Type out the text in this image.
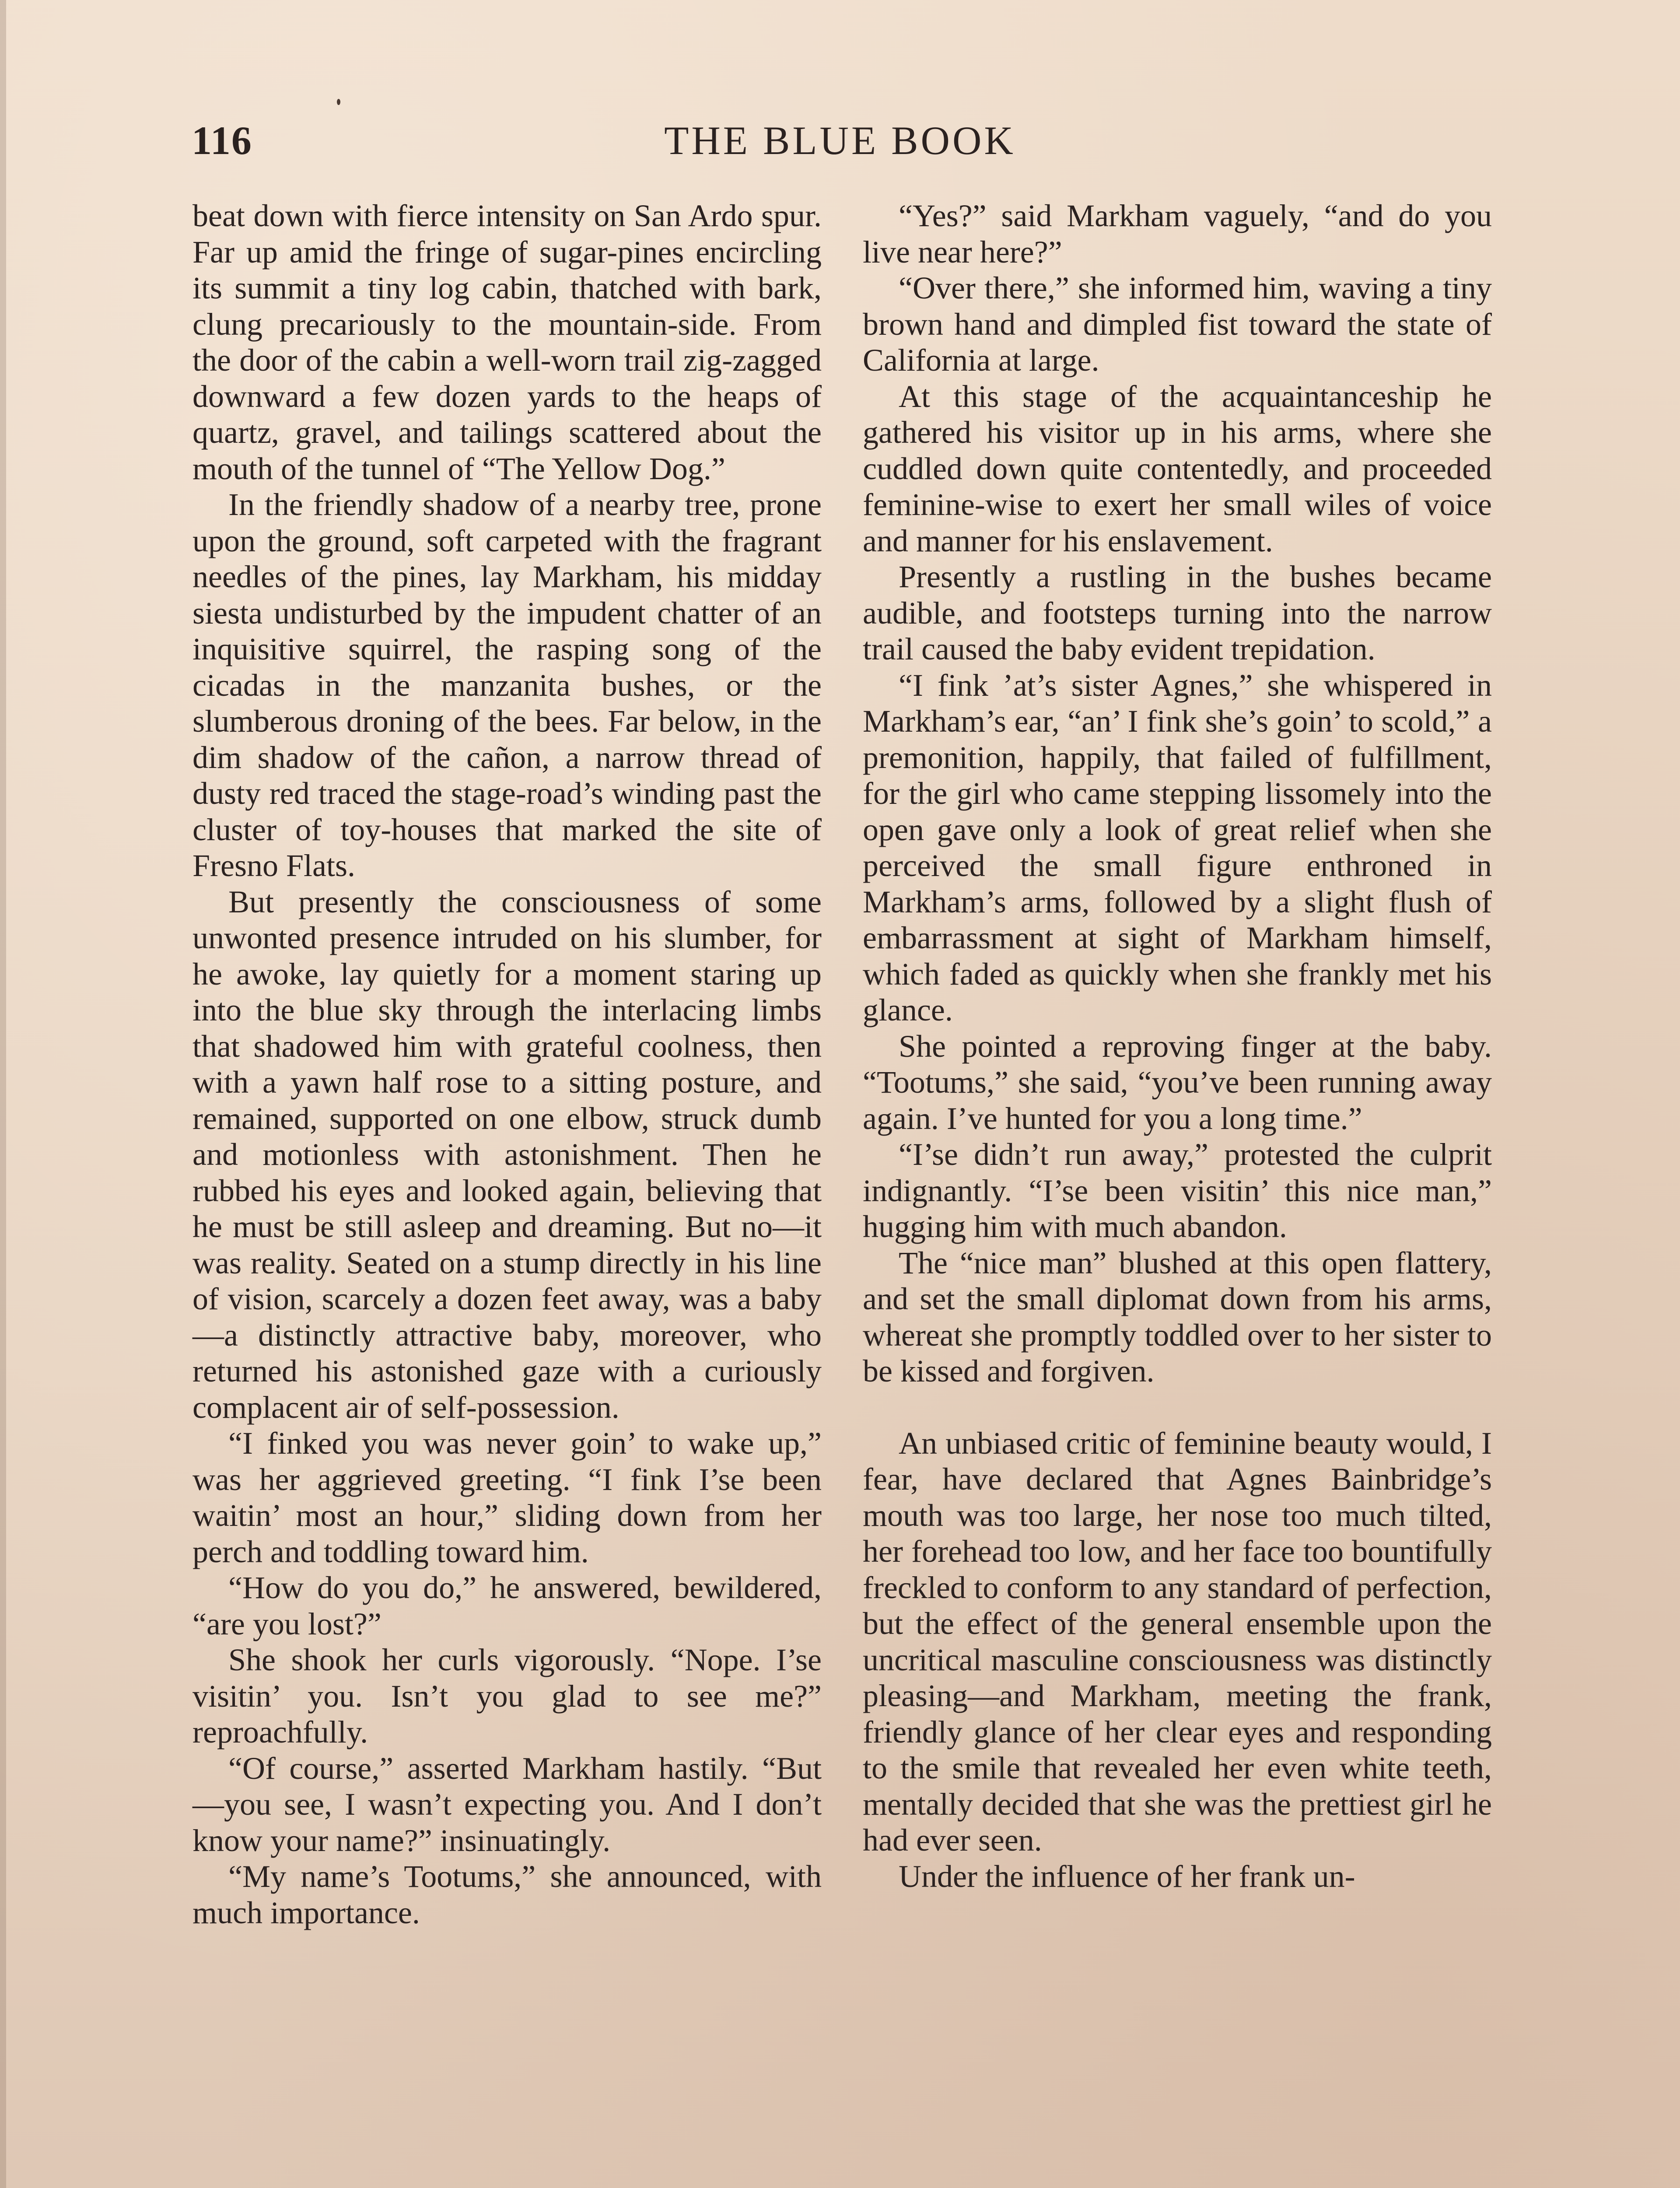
116	THE BLUE BOOK

beat down with fierce intensity on San Ardo spur. Far up amid the fringe of sugar-pines encircling its summit a tiny log cabin, thatched with bark, clung precariously to the mountain-side. From the door of the cabin a well-worn trail zig-zagged downward a few dozen yards to the heaps of quartz, gravel, and tailings scattered about the mouth of the tunnel of “The Yellow Dog.”

In the friendly shadow of a nearby tree, prone upon the ground, soft carpeted with the fragrant needles of the pines, lay Markham, his midday siesta undisturbed by the impudent chatter of an inquisitive squirrel, the rasping song of the cicadas in the manzanita bushes, or the slumberous droning of the bees. Far below, in the dim shadow of the cañon, a narrow thread of dusty red traced the stage-road’s winding past the cluster of toy-houses that marked the site of Fresno Flats.

But presently the consciousness of some unwonted presence intruded on his slumber, for he awoke, lay quietly for a moment staring up into the blue sky through the interlacing limbs that shadowed him with grateful coolness, then with a yawn half rose to a sitting posture, and remained, supported on one elbow, struck dumb and motionless with astonishment. Then he rubbed his eyes and looked again, believing that he must be still asleep and dreaming. But no—it was reality. Seated on a stump directly in his line of vision, scarcely a dozen feet away, was a baby —a distinctly attractive baby, moreover, who returned his astonished gaze with a curiously complacent air of self-possession.

“I finked you was never goin’ to wake up,” was her aggrieved greeting. “I fink I’se been waitin’ most an hour,” sliding down from her perch and toddling toward him.

“How do you do,” he answered, bewildered, “are you lost?”

She shook her curls vigorously. “Nope. I’se visitin’ you. Isn’t you glad to see me?” reproachfully.

“Of course,” asserted Markham hastily. “But—you see, I wasn’t expecting you. And I don’t know your name?” insinuatingly.

“My name’s Tootums,” she announced, with much importance.

“Yes?” said Markham vaguely, “and do you live near here?”

“Over there,” she informed him, waving a tiny brown hand and dimpled fist toward the state of California at large.

At this stage of the acquaintanceship he gathered his visitor up in his arms, where she cuddled down quite contentedly, and proceeded feminine-wise to exert her small wiles of voice and manner for his enslavement.

Presently a rustling in the bushes became audible, and footsteps turning into the narrow trail caused the baby evident trepidation.

“I fink ’at’s sister Agnes,” she whispered in Markham’s ear, “an’ I fink she’s goin’ to scold,” a premonition, happily, that failed of fulfillment, for the girl who came stepping lissomely into the open gave only a look of great relief when she perceived the small figure enthroned in Markham’s arms, followed by a slight flush of embarrassment at sight of Markham himself, which faded as quickly when she frankly met his glance.

She pointed a reproving finger at the baby. “Tootums,” she said, “you’ve been running away again. I’ve hunted for you a long time.”

“I’se didn’t run away,” protested the culprit indignantly. “I’se been visitin’ this nice man,” hugging him with much abandon.

The “nice man” blushed at this open flattery, and set the small diplomat down from his arms, whereat she promptly toddled over to her sister to be kissed and forgiven.

An unbiased critic of feminine beauty would, I fear, have declared that Agnes Bainbridge’s mouth was too large, her nose too much tilted, her forehead too low, and her face too bountifully freckled to conform to any standard of perfection, but the effect of the general ensemble upon the uncritical masculine consciousness was distinctly pleasing—and Markham, meeting the frank, friendly glance of her clear eyes and responding to the smile that revealed her even white teeth, mentally decided that she was the prettiest girl he had ever seen.

Under the influence of her frank un-
